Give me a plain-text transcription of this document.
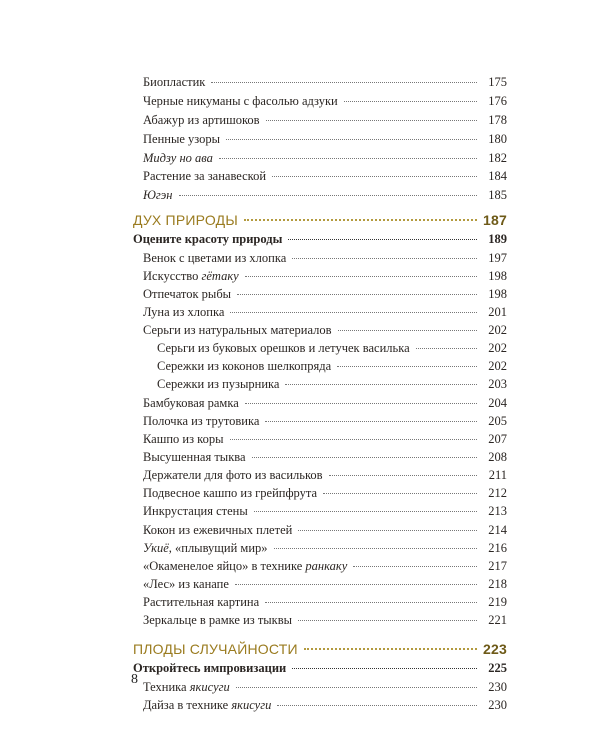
Биопластик	175
Черные никуманы с фасолью адзуки	176
Абажур из артишоков	178
Пенные узоры	180
Мидзу но ава	182
Растение за занавеской	184
Югэн	185
ДУХ ПРИРОДЫ	187
Оцените красоту природы	189
Венок с цветами из хлопка	197
Искусство гётаку	198
Отпечаток рыбы	198
Луна из хлопка	201
Серьги из натуральных материалов	202
Серьги из буковых орешков и летучек василька	202
Сережки из коконов шелкопряда	202
Сережки из пузырника	203
Бамбуковая рамка	204
Полочка из трутовика	205
Кашпо из коры	207
Высушенная тыква	208
Держатели для фото из васильков	211
Подвесное кашпо из грейпфрута	212
Инкрустация стены	213
Кокон из ежевичных плетей	214
Укиё, «плывущий мир»	216
«Окаменелое яйцо» в технике ранкаку	217
«Лес» из канапе	218
Растительная картина	219
Зеркальце в рамке из тыквы	221
ПЛОДЫ СЛУЧАЙНОСТИ	223
Откройтесь импровизации	225
Техника якисуги	230
Дайза в технике якисуги	230
8
